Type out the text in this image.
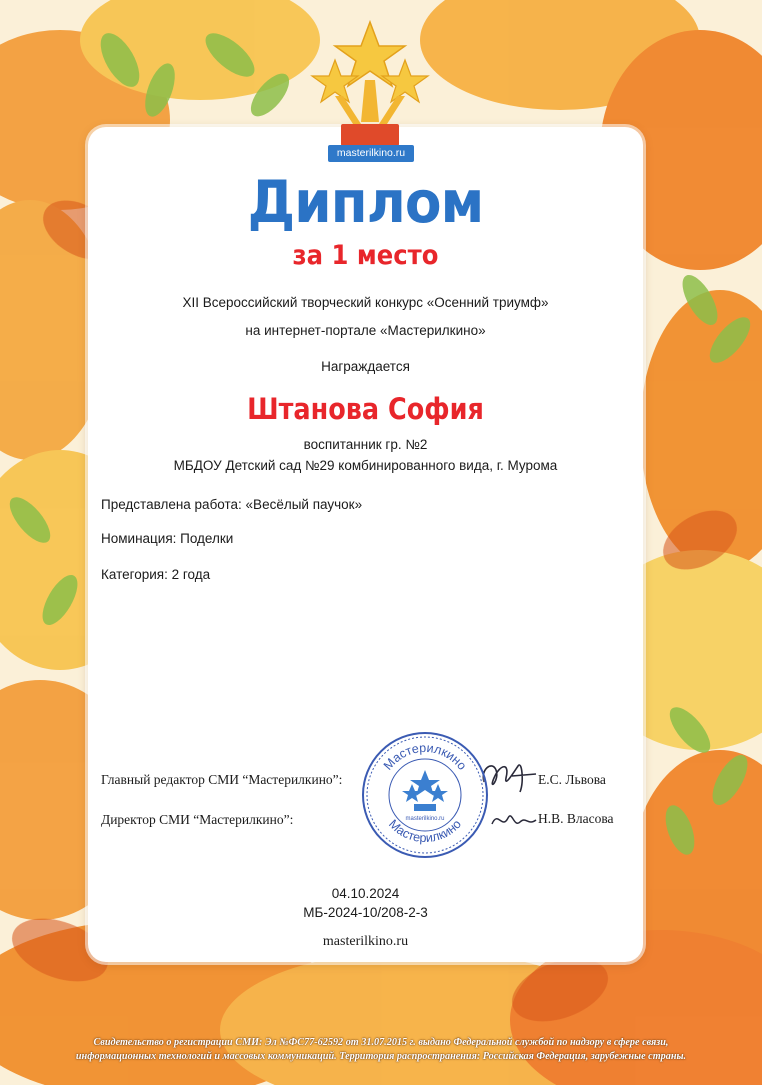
masterilkino.ru
Диплом
за 1 место
XII Всероссийский творческий конкурс «Осенний триумф»
на интернет-портале «Мастерилкино»
Награждается
Штанова София
воспитанник гр. №2
МБДОУ Детский сад №29 комбинированного вида, г. Мурома
Представлена работа: «Весёлый паучок»
Номинация: Поделки
Категория: 2 года
Главный редактор СМИ “Мастерилкино”:	Е.С. Львова
Директор СМИ “Мастерилкино”:	Н.В. Власова
Мастерилкино
Мастерилкино
masterilkino.ru
04.10.2024
МБ-2024-10/208-2-3
masterilkino.ru
Свидетельство о регистрации СМИ: Эл №ФС77-62592 от 31.07.2015 г. выдано Федеральной службой по надзору в сфере связи,
информационных технологий и массовых коммуникаций. Территория распространения: Российская Федерация, зарубежные страны.
